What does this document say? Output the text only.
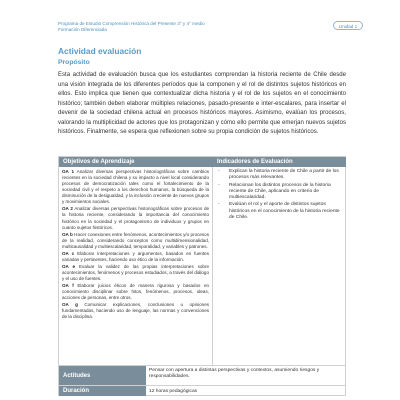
Programa de Estudio Comprensión Histórica del Presente 3° y 4° medio
Formación Diferenciada
Unidad 1
Actividad evaluación
Propósito

Esta actividad de evaluación busca que los estudiantes comprendan la historia reciente de Chile desde una visión integrada de los diferentes períodos que la componen y el rol de distintos sujetos históricos en ellos. Esto implica que tienen que contextualizar dicha historia y el rol de los sujetos en el conocimiento histórico; también deben elaborar múltiples relaciones, pasado-presente e inter-escalares, para insertar el devenir de la sociedad chilena actual en procesos históricos mayores. Asimismo, evalúan los procesos, valorando la multiplicidad de actores que los protagonizan y cómo ello permite que emerjan nuevos sujetos históricos. Finalmente, se espera que reflexionen sobre su propia condición de sujetos históricos.

Objetivos de Aprendizaje	Indicadores de Evaluación

OA 1 Analizar diversas perspectivas historiográficas sobre cambios recientes en la sociedad chilena y su impacto a nivel local considerando procesos de democratización tales como el fortalecimiento de la sociedad civil y el respeto a los derechos humanos, la búsqueda de la disminución de la desigualdad, y la inclusión creciente de nuevos grupos y movimientos sociales.

OA 2 Analizar diversas perspectivas historiográficas sobre procesos de la historia reciente, considerando la importancia del conocimiento histórico en la sociedad y el protagonismo de individuos y grupos en cuanto sujetos históricos.

OA b Hacer conexiones entre fenómenos, acontecimientos y/o procesos de la realidad, considerando conceptos como multidimensionalidad, multicausalidad y multiescalaridad, temporalidad, y variables y patrones.

OA c Elaborar interpretaciones y argumentos, basados en fuentes variadas y pertinentes, haciendo uso ético de la información.

OA e Evaluar la validez de las propias interpretaciones sobre acontecimientos, fenómenos y procesos estudiados, a través del diálogo y el uso de fuentes.

OA f Elaborar juicios éticos de manera rigurosa y basados en conocimiento disciplinar sobre hitos, fenómenos, procesos, ideas, acciones de personas, entre otros.

OA g Comunicar explicaciones, conclusiones u opiniones fundamentadas, haciendo uso de lenguaje, las normas y convenciones de la disciplina.

- Explican la historia reciente de Chile a partir de los procesos más relevantes.

- Relacionan los distintos procesos de la historia reciente de Chile, aplicando en criterio de multiescalaridad.

- Evalúan el rol y el aporte de distintos sujetos históricos en el conocimiento de la historia reciente de Chile.

Actitudes
Pensar con apertura a distintas perspectivas y contextos, asumiendo riesgos y responsabilidades.
Duración	12 horas pedagógicas
